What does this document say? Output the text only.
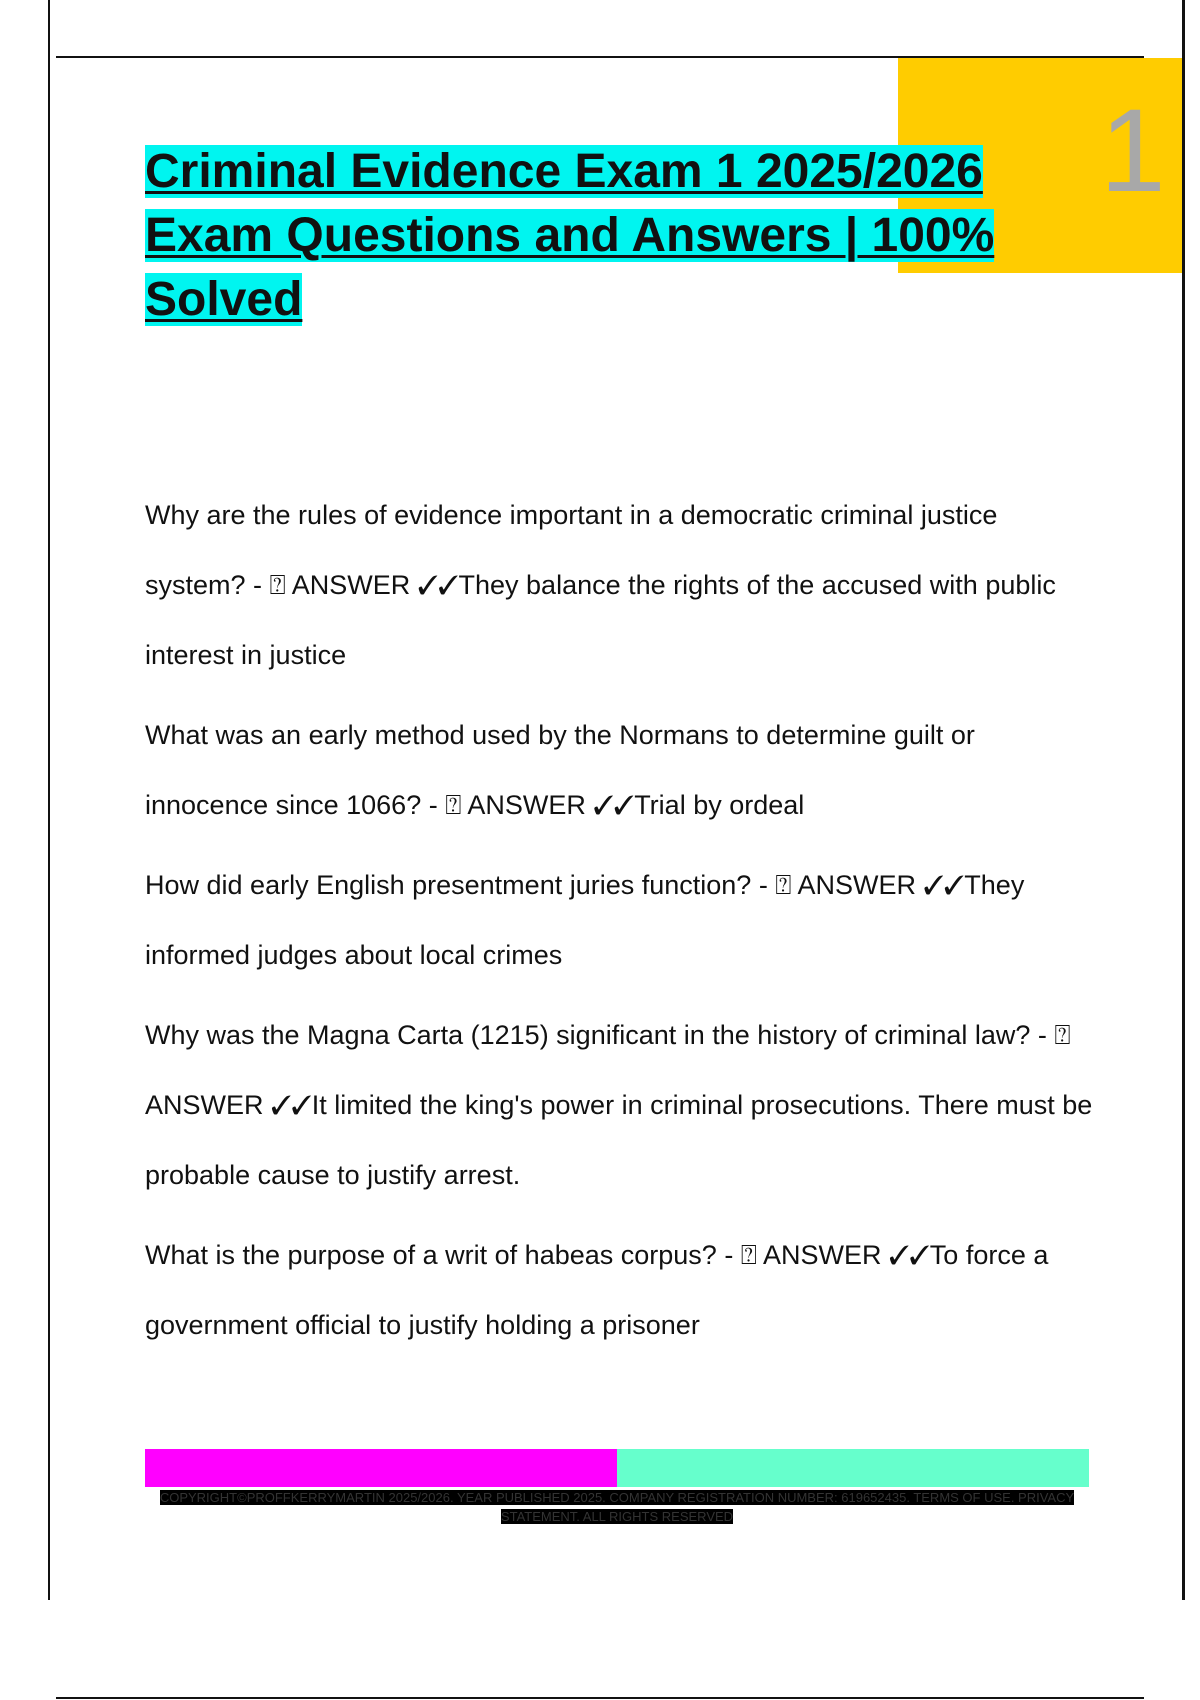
1
Criminal Evidence Exam 1 2025/2026 Exam Questions and Answers | 100% Solved

Why are the rules of evidence important in a democratic criminal justice system? - ⍰ ANSWER ✓✓They balance the rights of the accused with public interest in justice

What was an early method used by the Normans to determine guilt or innocence since 1066? - ⍰ ANSWER ✓✓Trial by ordeal

How did early English presentment juries function? - ⍰ ANSWER ✓✓They informed judges about local crimes

Why was the Magna Carta (1215) significant in the history of criminal law? - ⍰ ANSWER ✓✓It limited the king's power in criminal prosecutions. There must be probable cause to justify arrest.

What is the purpose of a writ of habeas corpus? - ⍰ ANSWER ✓✓To force a government official to justify holding a prisoner

COPYRIGHT©PROFFKERRYMARTIN 2025/2026. YEAR PUBLISHED 2025. COMPANY REGISTRATION NUMBER: 619652435. TERMS OF USE. PRIVACY STATEMENT. ALL RIGHTS RESERVED
